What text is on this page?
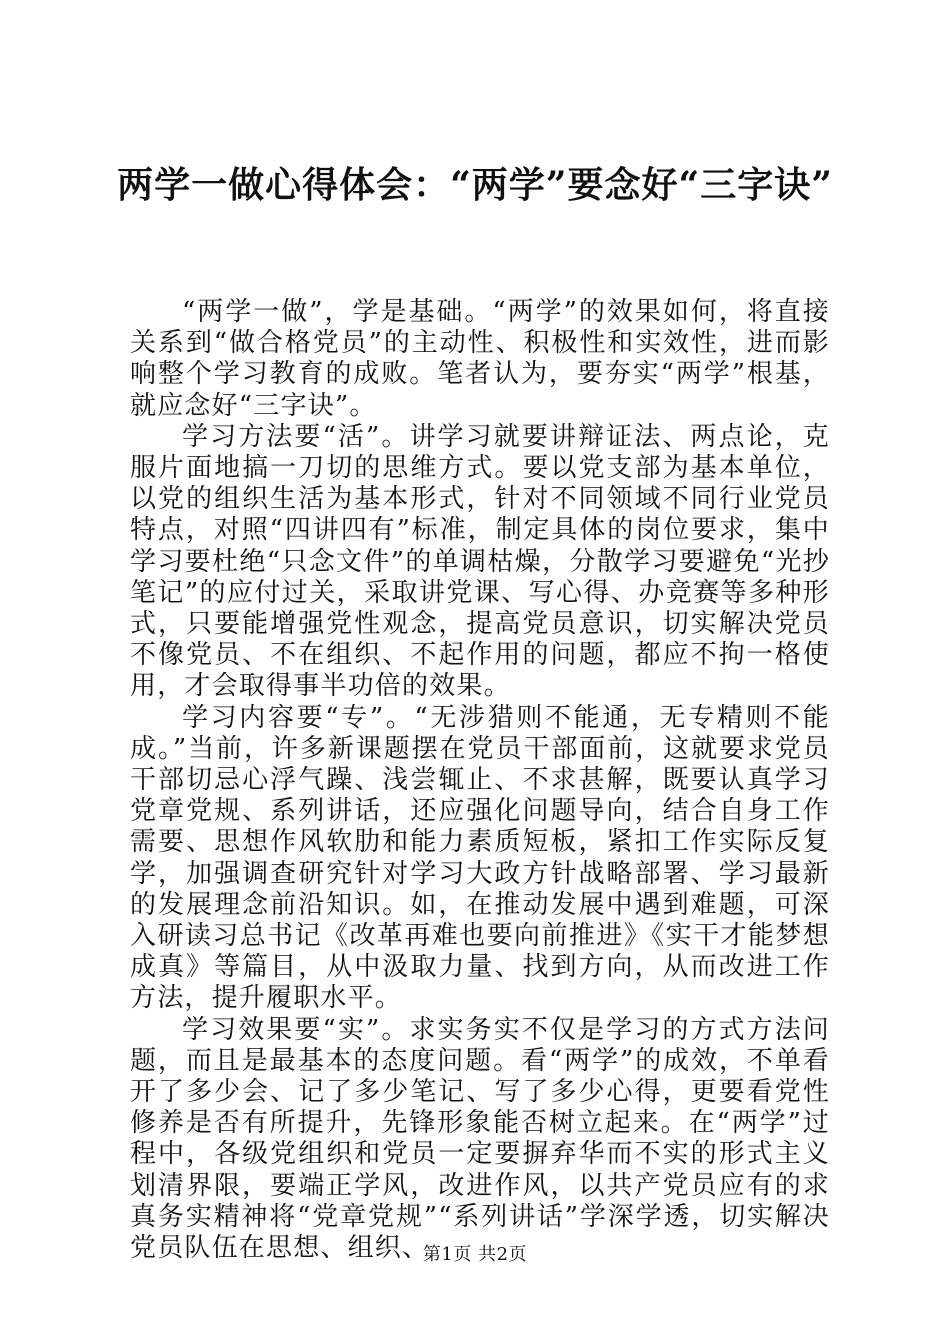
两学一做心得体会：“两学”要念好“三字诀”

“两学一做”，学是基础。“两学”的效果如何，将直接关系到“做合格党员”的主动性、积极性和实效性，进而影响整个学习教育的成败。笔者认为，要夯实“两学”根基，就应念好“三字诀”。

学习方法要“活”。讲学习就要讲辩证法、两点论，克服片面地搞一刀切的思维方式。要以党支部为基本单位，以党的组织生活为基本形式，针对不同领域不同行业党员特点，对照“四讲四有”标准，制定具体的岗位要求，集中学习要杜绝“只念文件”的单调枯燥，分散学习要避免“光抄笔记”的应付过关，采取讲党课、写心得、办竞赛等多种形式，只要能增强党性观念，提高党员意识，切实解决党员不像党员、不在组织、不起作用的问题，都应不拘一格使用，才会取得事半功倍的效果。

学习内容要“专”。“无涉猎则不能通，无专精则不能成。”当前，许多新课题摆在党员干部面前，这就要求党员干部切忌心浮气躁、浅尝辄止、不求甚解，既要认真学习党章党规、系列讲话，还应强化问题导向，结合自身工作需要、思想作风软肋和能力素质短板，紧扣工作实际反复学，加强调查研究针对学习大政方针战略部署、学习最新的发展理念前沿知识。如，在推动发展中遇到难题，可深入研读习总书记《改革再难也要向前推进》《实干才能梦想成真》等篇目，从中汲取力量、找到方向，从而改进工作方法，提升履职水平。

学习效果要“实”。求实务实不仅是学习的方式方法问题，而且是最基本的态度问题。看“两学”的成效，不单看开了多少会、记了多少笔记、写了多少心得，更要看党性修养是否有所提升，先锋形象能否树立起来。在“两学”过程中，各级党组织和党员一定要摒弃华而不实的形式主义划清界限，要端正学风，改进作风，以共产党员应有的求真务实精神将“党章党规”“系列讲话”学深学透，切实解决党员队伍在思想、组织、

第1页 共2页
